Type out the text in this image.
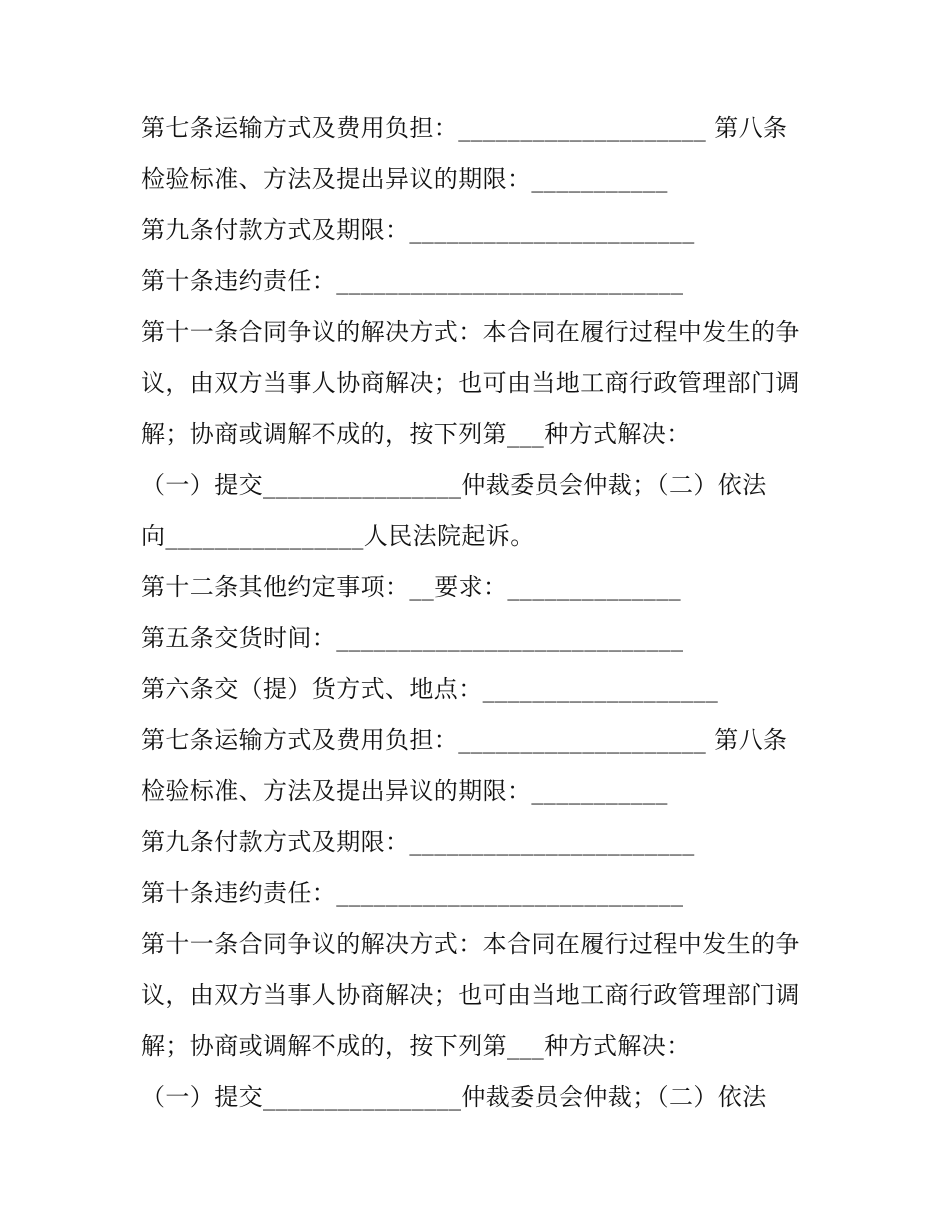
第七条运输方式及费用负担：____________________ 第八条
检验标准、方法及提出异议的期限：___________
第九条付款方式及期限：_______________________
第十条违约责任：____________________________
第十一条合同争议的解决方式：本合同在履行过程中发生的争
议，由双方当事人协商解决；也可由当地工商行政管理部门调
解；协商或调解不成的，按下列第___种方式解决：
（一）提交________________仲裁委员会仲裁；（二）依法
向________________人民法院起诉。
第十二条其他约定事项：__要求：______________
第五条交货时间：____________________________
第六条交（提）货方式、地点：___________________
第七条运输方式及费用负担：____________________ 第八条
检验标准、方法及提出异议的期限：___________
第九条付款方式及期限：_______________________
第十条违约责任：____________________________
第十一条合同争议的解决方式：本合同在履行过程中发生的争
议，由双方当事人协商解决；也可由当地工商行政管理部门调
解；协商或调解不成的，按下列第___种方式解决：
（一）提交________________仲裁委员会仲裁；（二）依法
